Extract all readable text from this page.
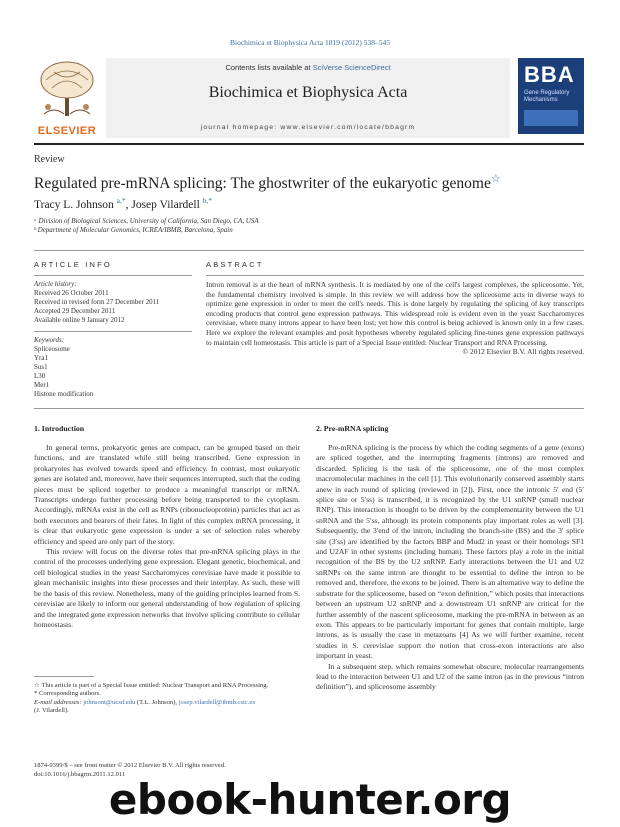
Biochimica et Biophysica Acta 1819 (2012) 538–545
ELSEVIER
Contents lists available at SciVerse ScienceDirect
Biochimica et Biophysica Acta
journal homepage: www.elsevier.com/locate/bbagrm
BBA
Gene Regulatory Mechanisms
Review
Regulated pre-mRNA splicing: The ghostwriter of the eukaryotic genome☆
Tracy L. Johnson $^{a,*}$, Josep Vilardell $^{b,*}$
ᵃ Division of Biological Sciences, University of California, San Diego, CA, USA
ᵇ Department of Molecular Genomics, ICREA/IBMB, Barcelona, Spain
ARTICLE INFO
Article history:
Received 26 October 2011
Received in revised form 27 December 2011
Accepted 29 December 2011
Available online 9 January 2012
Keywords:
Spliceosome
Yra1
Sus1
L30
Mer1
Histone modification
ABSTRACT
Intron removal is at the heart of mRNA synthesis. It is mediated by one of the cell's largest complexes, the spliceosome. Yet, the fundamental chemistry involved is simple. In this review we will address how the spliceosome acts in diverse ways to optimize gene expression in order to meet the cell's needs. This is done largely by regulating the splicing of key transcripts encoding products that control gene expression pathways. This widespread role is evident even in the yeast Saccharomyces cerevisiae, where many introns appear to have been lost; yet how this control is being achieved is known only in a few cases. Here we explore the relevant examples and posit hypotheses whereby regulated splicing fine-tunes gene expression pathways to maintain cell homeostasis. This article is part of a Special Issue entitled: Nuclear Transport and RNA Processing.
© 2012 Elsevier B.V. All rights reserved.
1. Introduction

In general terms, prokaryotic genes are compact, can be grouped based on their functions, and are translated while still being transcribed. Gene expression in prokaryotes has evolved towards speed and efficiency. In contrast, most eukaryotic genes are isolated and, moreover, have their sequences interrupted, such that the coding pieces must be spliced together to produce a meaningful transcript or mRNA. Transcripts undergo further processing before being transported to the cytoplasm. Accordingly, mRNAs exist in the cell as RNPs (ribonucleoprotein) particles that act as both executors and bearers of their fates. In light of this complex mRNA processing, it is clear that eukaryotic gene expression is under a set of selection rules whereby efficiency and speed are only part of the story.

This review will focus on the diverse roles that pre-mRNA splicing plays in the control of the processes underlying gene expression. Elegant genetic, biochemical, and cell biological studies in the yeast Saccharomyces cerevisiae have made it possible to glean mechanistic insights into these processes and their interplay. As such, these will be the basis of this review. Nonetheless, many of the guiding principles learned from S. cerevisiae are likely to inform our general understanding of how regulation of splicing and the integrated gene expression networks that involve splicing contribute to cellular homeostasis.

☆ This article is part of a Special Issue entitled: Nuclear Transport and RNA Processing.
* Corresponding authors.
E-mail addresses: johnsont@ucsd.edu (T.L. Johnson), josep.vilardell@ibmb.csic.es
(J. Vilardell).
1874-9399/$ – see front matter © 2012 Elsevier B.V. All rights reserved.
doi:10.1016/j.bbagrm.2011.12.011
2. Pre-mRNA splicing

Pre-mRNA splicing is the process by which the coding segments of a gene (exons) are spliced together, and the interrupting fragments (introns) are removed and discarded. Splicing is the task of the spliceosome, one of the most complex macromolecular machines in the cell [1]. This evolutionarily conserved assembly starts anew in each round of splicing (reviewed in [2]). First, once the intronic 5′ end (5′ splice site or 5′ss) is transcribed, it is recognized by the U1 snRNP (small nuclear RNP). This interaction is thought to be driven by the complementarity between the U1 snRNA and the 5′ss, although its protein components play important roles as well [3]. Subsequently, the 3′end of the intron, including the branch-site (BS) and the 3′ splice site (3′ss) are identified by the factors BBP and Mud2 in yeast or their homologs SF1 and U2AF in other systems (including human). These factors play a role in the initial recognition of the BS by the U2 snRNP. Early interactions between the U1 and U2 snRNPs on the same intron are thought to be essential to define the intron to be removed and, therefore, the exons to be joined. There is an alternative way to define the substrate for the spliceosome, based on “exon definition,” which posits that interactions between an upstream U2 snRNP and a downstream U1 snRNP are critical for the further assembly of the nascent spliceosome, marking the pre-mRNA in between as an exon. This appears to be particularly important for genes that contain multiple, large introns, as is usually the case in metazoans [4] As we will further examine, recent studies in S. cerevisiae support the notion that cross-exon interactions are also important in yeast.

In a subsequent step, which remains somewhat obscure, molecular rearrangements lead to the interaction between U1 and U2 of the same intron (as in the previous “intron definition”), and spliceosome assembly

ebook-hunter.org
